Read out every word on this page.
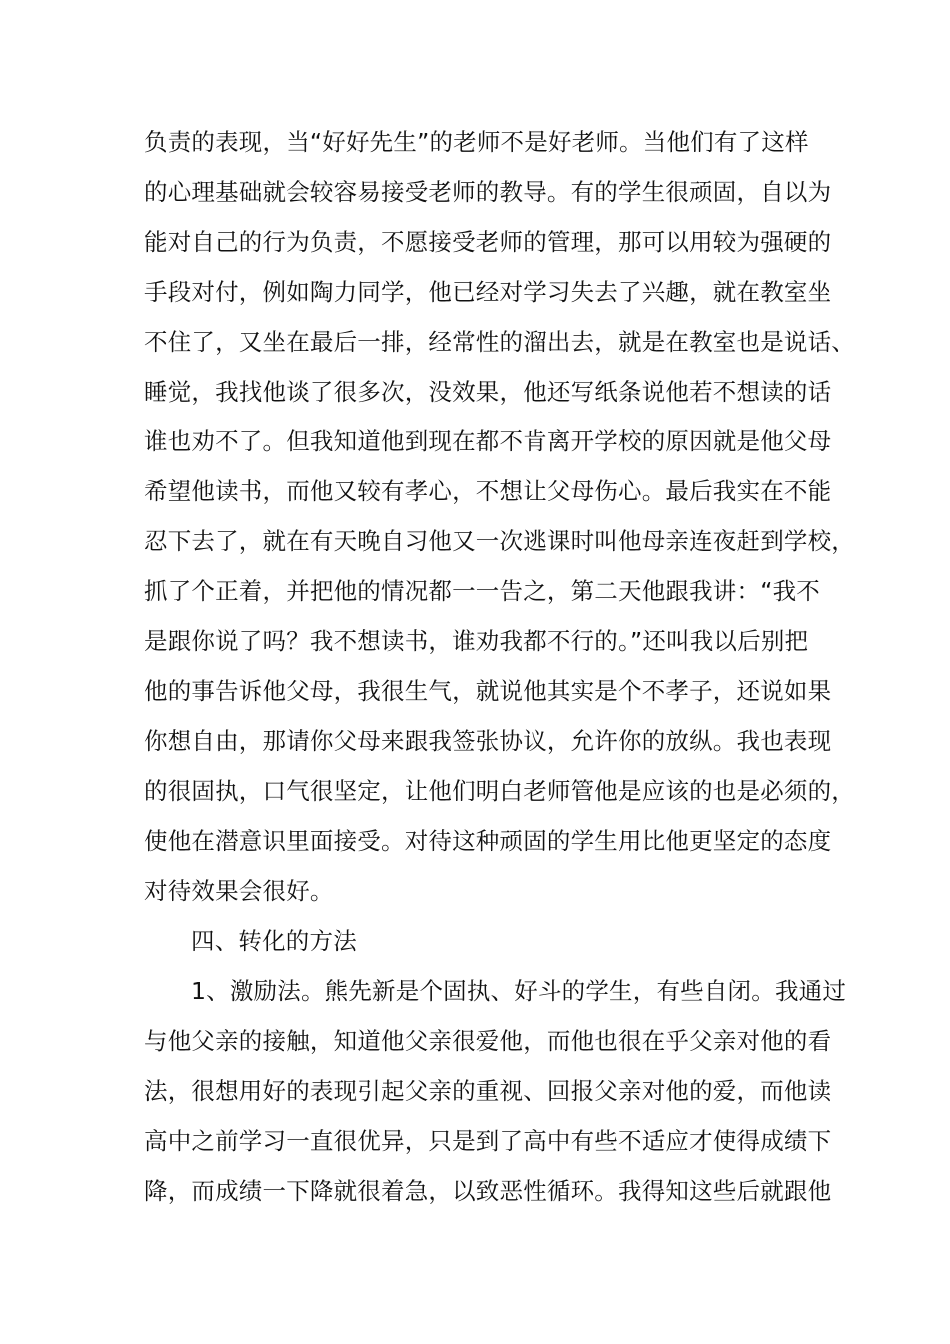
负责的表现，当“好好先生”的老师不是好老师。当他们有了这样
的心理基础就会较容易接受老师的教导。有的学生很顽固，自以为
能对自己的行为负责，不愿接受老师的管理，那可以用较为强硬的
手段对付，例如陶力同学，他已经对学习失去了兴趣，就在教室坐
不住了，又坐在最后一排，经常性的溜出去，就是在教室也是说话、
睡觉，我找他谈了很多次，没效果，他还写纸条说他若不想读的话
谁也劝不了。但我知道他到现在都不肯离开学校的原因就是他父母
希望他读书，而他又较有孝心，不想让父母伤心。最后我实在不能
忍下去了，就在有天晚自习他又一次逃课时叫他母亲连夜赶到学校，
抓了个正着，并把他的情况都一一告之，第二天他跟我讲：“我不
是跟你说了吗？我不想读书，谁劝我都不行的。”还叫我以后别把
他的事告诉他父母，我很生气，就说他其实是个不孝子，还说如果
你想自由，那请你父母来跟我签张协议，允许你的放纵。我也表现
的很固执，口气很坚定，让他们明白老师管他是应该的也是必须的，
使他在潜意识里面接受。对待这种顽固的学生用比他更坚定的态度
对待效果会很好。
四、转化的方法
1、激励法。熊先新是个固执、好斗的学生，有些自闭。我通过
与他父亲的接触，知道他父亲很爱他，而他也很在乎父亲对他的看
法，很想用好的表现引起父亲的重视、回报父亲对他的爱，而他读
高中之前学习一直很优异，只是到了高中有些不适应才使得成绩下
降，而成绩一下降就很着急，以致恶性循环。我得知这些后就跟他
